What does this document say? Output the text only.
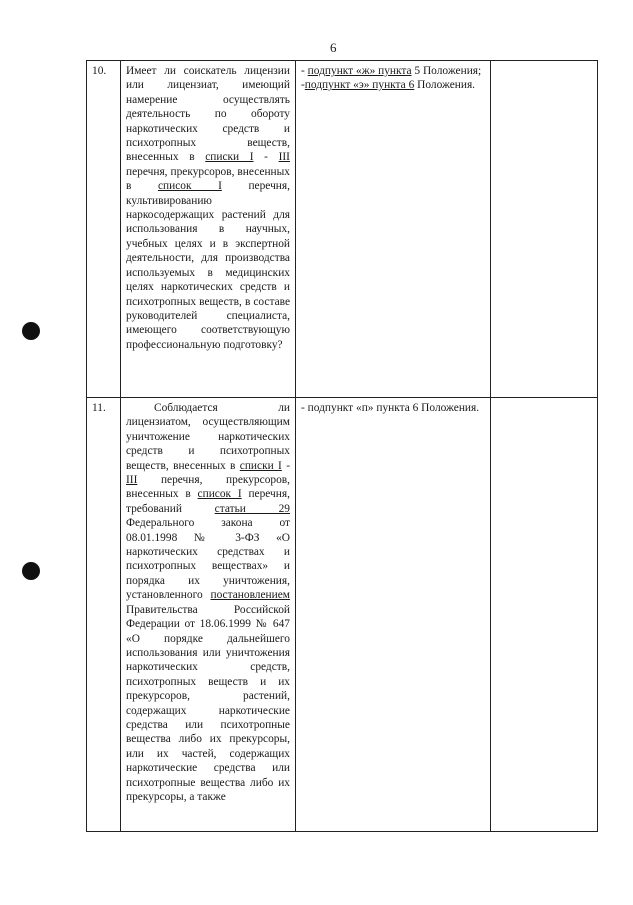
6
10.	Имеет ли соискатель лицензии или лицензиат, имеющий намерение осуществлять деятельность по обороту наркотических средств и психотропных веществ, внесенных в списки I - III перечня, прекурсоров, внесенных в список I перечня, культивированию наркосодержащих растений для использования в научных, учебных целях и в экспертной деятельности, для производства используемых в медицинских целях наркотических средств и психотропных веществ, в составе руководителей специалиста, имеющего соответствующую профессиональную подготовку?	- подпункт «ж» пункта 5 Положения;
-подпункт «э» пункта 6 Положения.	

11.	Соблюдается ли лицензиатом, осуществляющим уничтожение наркотических средств и психотропных веществ, внесенных в списки I - III перечня, прекурсоров, внесенных в список I перечня, требований статьи 29 Федерального закона от 08.01.1998 № 3-ФЗ «О наркотических средствах и психотропных веществах» и порядка их уничтожения, установленного постановлением Правительства Российской Федерации от 18.06.1999 № 647 «О порядке дальнейшего использования или уничтожения наркотических средств, психотропных веществ и их прекурсоров, растений, содержащих наркотические средства или психотропные вещества либо их прекурсоры, или их частей, содержащих наркотические средства или психотропные вещества либо их прекурсоры, а также	- подпункт «п» пункта 6 Положения.	
